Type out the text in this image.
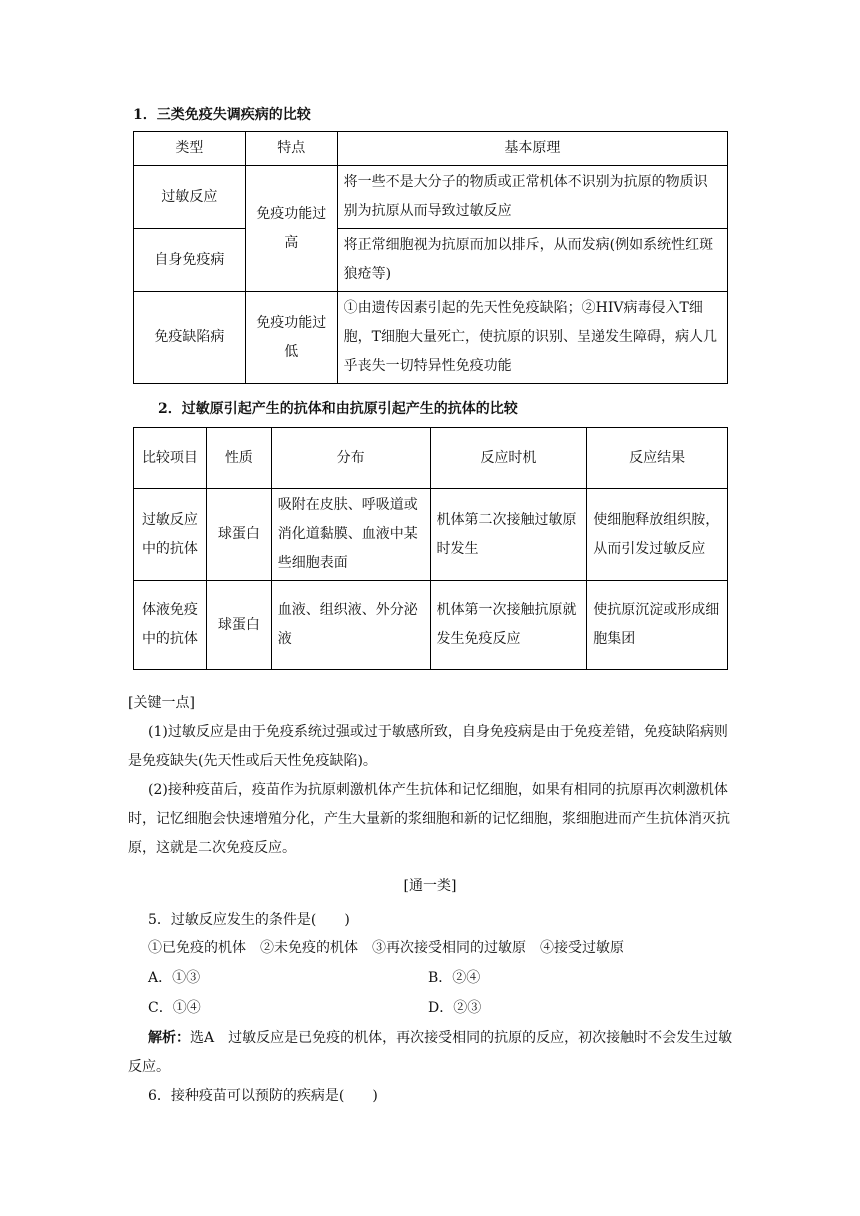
1．三类免疫失调疾病的比较
类型	特点	基本原理
过敏反应	免疫功能过高	将一些不是大分子的物质或正常机体不识别为抗原的物质识别为抗原从而导致过敏反应
自身免疫病		将正常细胞视为抗原而加以排斥，从而发病(例如系统性红斑狼疮等)
免疫缺陷病	免疫功能过低	①由遗传因素引起的先天性免疫缺陷；②HIV病毒侵入T细胞，T细胞大量死亡，使抗原的识别、呈递发生障碍，病人几乎丧失一切特异性免疫功能
2．过敏原引起产生的抗体和由抗原引起产生的抗体的比较
比较项目	性质	分布	反应时机	反应结果
过敏反应中的抗体	球蛋白	吸附在皮肤、呼吸道或消化道黏膜、血液中某些细胞表面	机体第二次接触过敏原时发生	使细胞释放组织胺，从而引发过敏反应
体液免疫中的抗体	球蛋白	血液、组织液、外分泌液	机体第一次接触抗原就发生免疫反应	使抗原沉淀或形成细胞集团
[关键一点]
(1)过敏反应是由于免疫系统过强或过于敏感所致，自身免疫病是由于免疫差错，免疫缺陷病则是免疫缺失(先天性或后天性免疫缺陷)。
(2)接种疫苗后，疫苗作为抗原刺激机体产生抗体和记忆细胞，如果有相同的抗原再次刺激机体时，记忆细胞会快速增殖分化，产生大量新的浆细胞和新的记忆细胞，浆细胞进而产生抗体消灭抗原，这就是二次免疫反应。
[通一类]
5．过敏反应发生的条件是(　　)
①已免疫的机体　②未免疫的机体　③再次接受相同的过敏原　④接受过敏原
A．①③	B．②④
C．①④	D．②③
解析：选A　过敏反应是已免疫的机体，再次接受相同的抗原的反应，初次接触时不会发生过敏反应。
6．接种疫苗可以预防的疾病是(　　)
